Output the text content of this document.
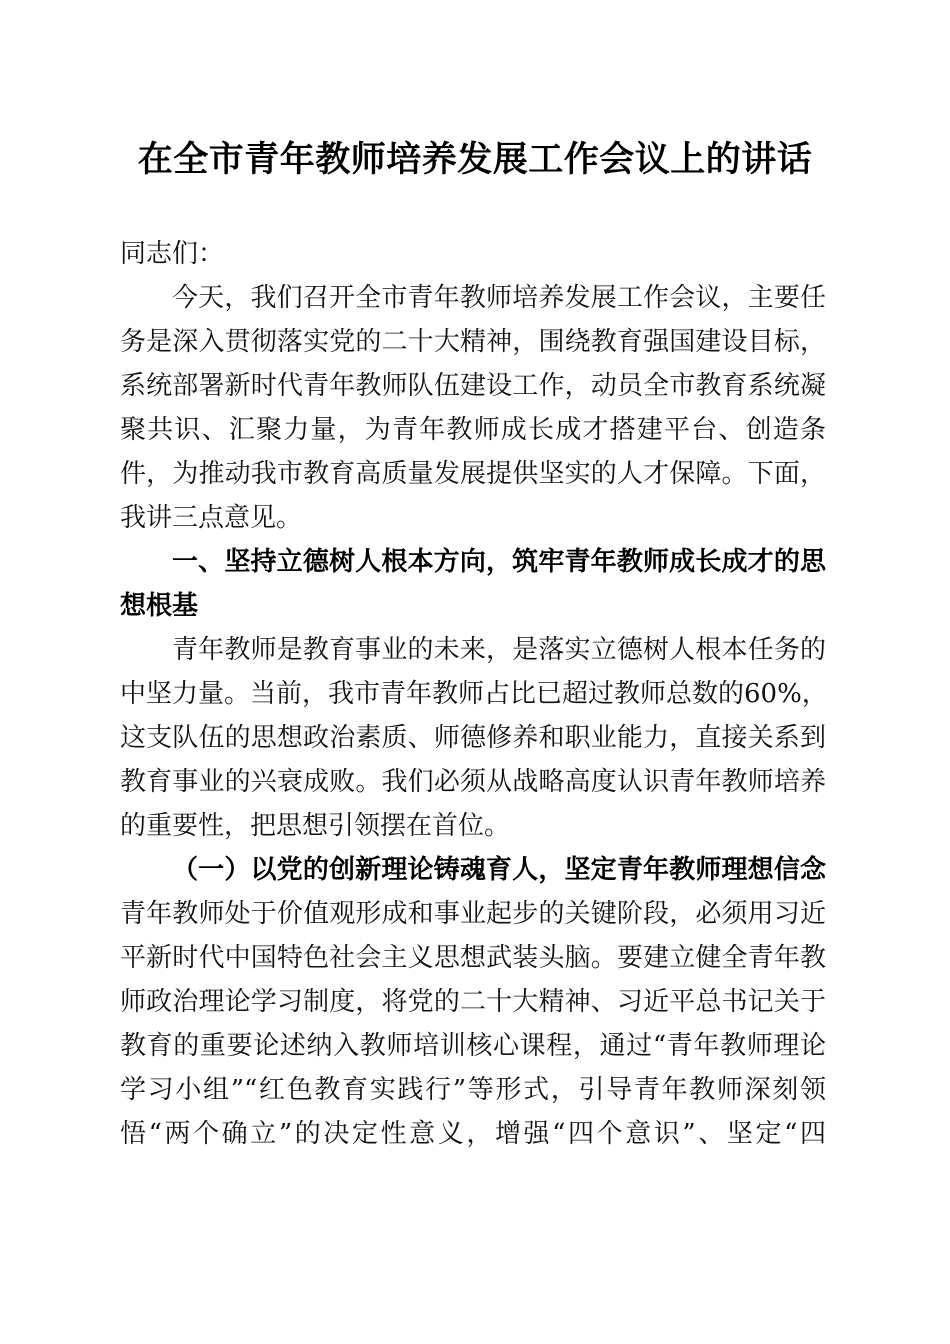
在全市青年教师培养发展工作会议上的讲话
同志们：
今天，我们召开全市青年教师培养发展工作会议，主要任
务是深入贯彻落实党的二十大精神，围绕教育强国建设目标，
系统部署新时代青年教师队伍建设工作，动员全市教育系统凝
聚共识、汇聚力量，为青年教师成长成才搭建平台、创造条
件，为推动我市教育高质量发展提供坚实的人才保障。下面，
我讲三点意见。
一、坚持立德树人根本方向，筑牢青年教师成长成才的思
想根基
青年教师是教育事业的未来，是落实立德树人根本任务的
中坚力量。当前，我市青年教师占比已超过教师总数的60%，
这支队伍的思想政治素质、师德修养和职业能力，直接关系到
教育事业的兴衰成败。我们必须从战略高度认识青年教师培养
的重要性，把思想引领摆在首位。
（一）以党的创新理论铸魂育人，坚定青年教师理想信念
青年教师处于价值观形成和事业起步的关键阶段，必须用习近
平新时代中国特色社会主义思想武装头脑。要建立健全青年教
师政治理论学习制度，将党的二十大精神、习近平总书记关于
教育的重要论述纳入教师培训核心课程，通过“青年教师理论
学习小组”“红色教育实践行”等形式，引导青年教师深刻领
悟“两个确立”的决定性意义，增强“四个意识”、坚定“四
